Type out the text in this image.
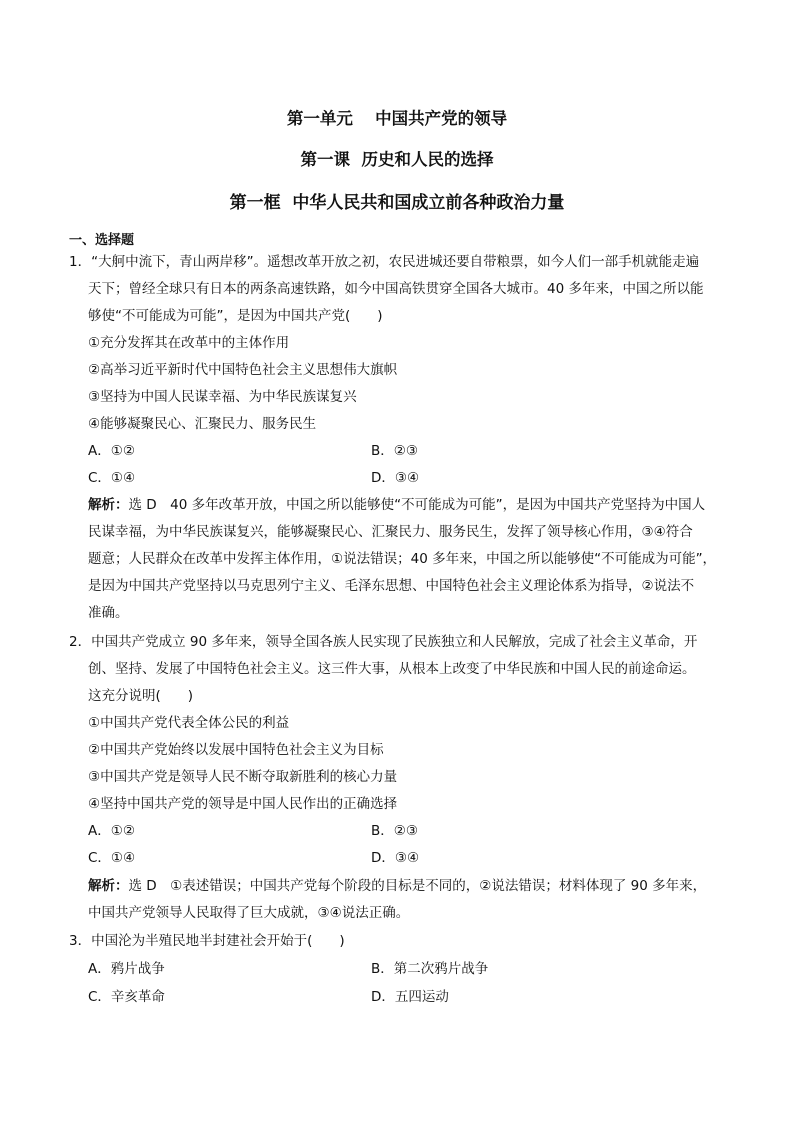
第一单元　 中国共产党的领导
第一课  历史和人民的选择
第一框  中华人民共和国成立前各种政治力量
一、选择题
1．“大舸中流下，青山两岸移”。遥想改革开放之初，农民进城还要自带粮票，如今人们一部手机就能走遍
天下；曾经全球只有日本的两条高速铁路，如今中国高铁贯穿全国各大城市。40 多年来，中国之所以能
够使“不可能成为可能”，是因为中国共产党(　　)
①充分发挥其在改革中的主体作用
②高举习近平新时代中国特色社会主义思想伟大旗帜
③坚持为中国人民谋幸福、为中华民族谋复兴
④能够凝聚民心、汇聚民力、服务民生
A．①②	B．②③
C．①④	D．③④
解析：选 D　40 多年改革开放，中国之所以能够使“不可能成为可能”，是因为中国共产党坚持为中国人
民谋幸福，为中华民族谋复兴，能够凝聚民心、汇聚民力、服务民生，发挥了领导核心作用，③④符合
题意；人民群众在改革中发挥主体作用，①说法错误；40 多年来，中国之所以能够使“不可能成为可能”，
是因为中国共产党坚持以马克思列宁主义、毛泽东思想、中国特色社会主义理论体系为指导，②说法不
准确。
2．中国共产党成立 90 多年来，领导全国各族人民实现了民族独立和人民解放，完成了社会主义革命，开
创、坚持、发展了中国特色社会主义。这三件大事，从根本上改变了中华民族和中国人民的前途命运。
这充分说明(　　)
①中国共产党代表全体公民的利益
②中国共产党始终以发展中国特色社会主义为目标
③中国共产党是领导人民不断夺取新胜利的核心力量
④坚持中国共产党的领导是中国人民作出的正确选择
A．①②	B．②③
C．①④	D．③④
解析：选 D　①表述错误；中国共产党每个阶段的目标是不同的，②说法错误；材料体现了 90 多年来，
中国共产党领导人民取得了巨大成就，③④说法正确。
3．中国沦为半殖民地半封建社会开始于(　　)
A．鸦片战争	B．第二次鸦片战争
C．辛亥革命	D．五四运动
